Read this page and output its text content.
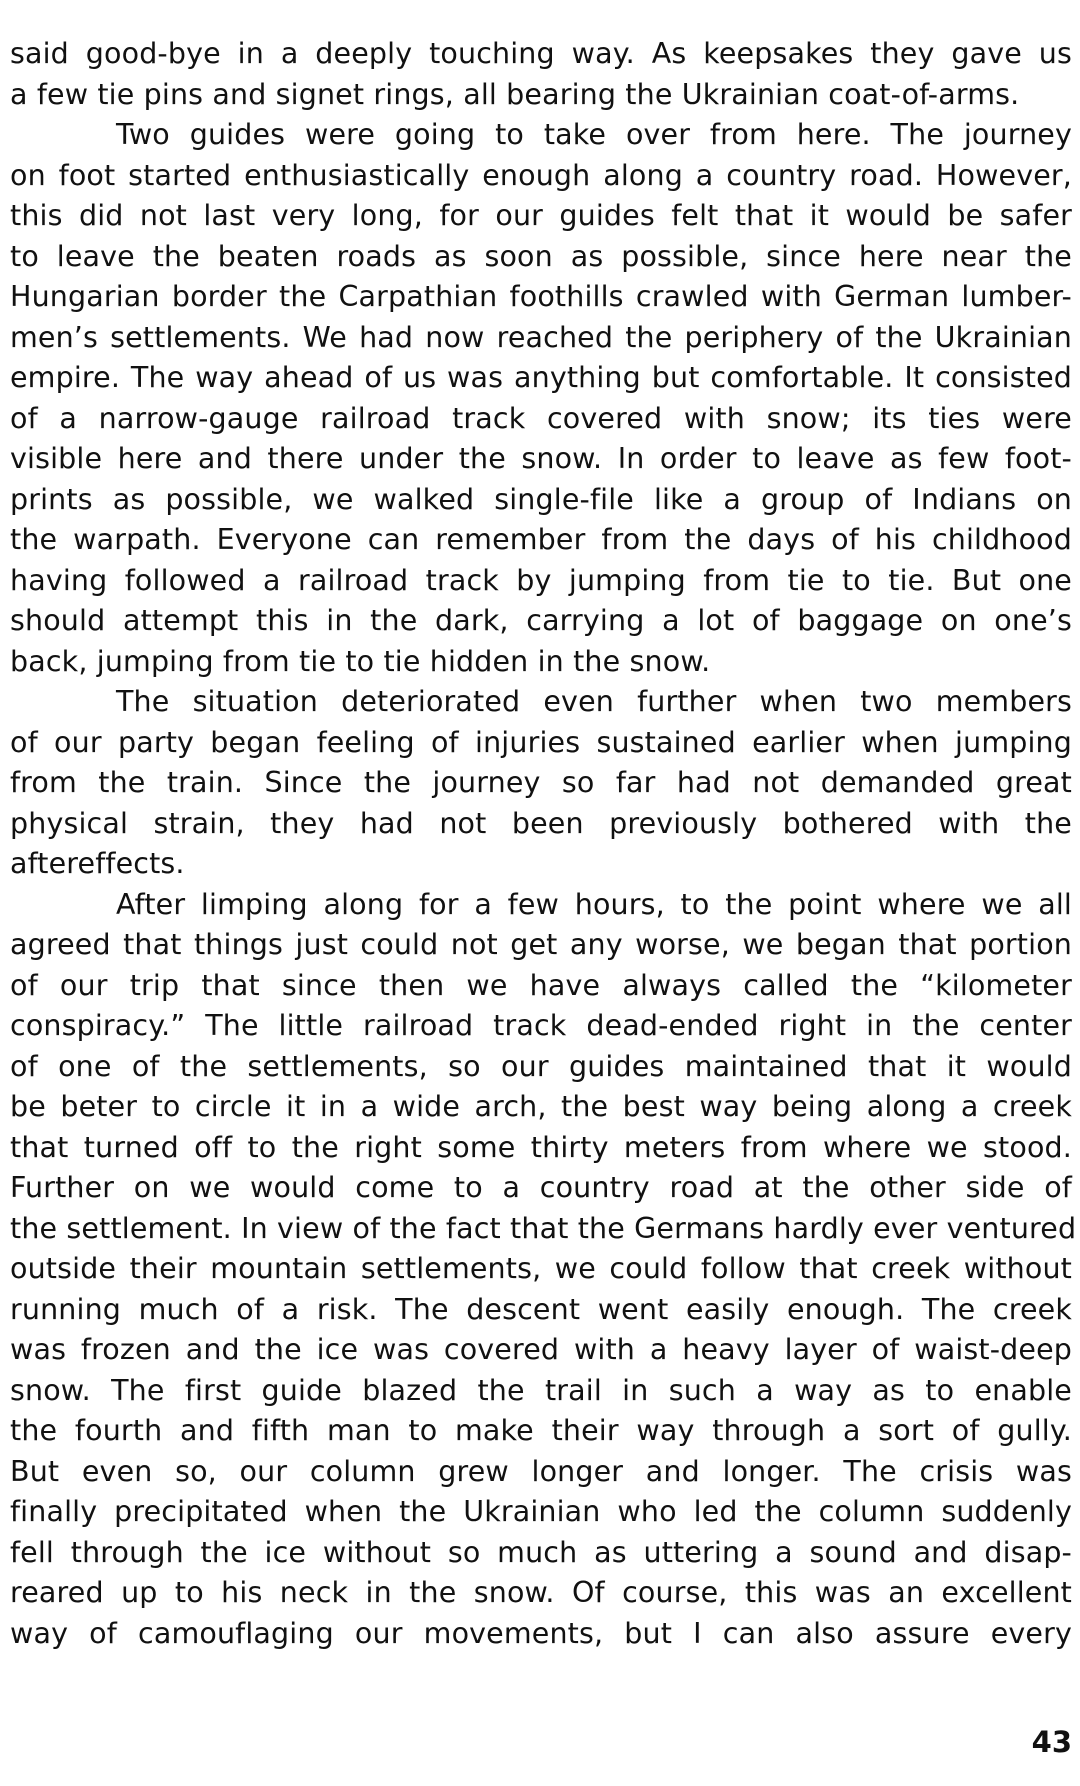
said good-bye in a deeply touching way. As keepsakes they gave us
a few tie pins and signet rings, all bearing the Ukrainian coat-of-arms.
Two guides were going to take over from here. The journey
on foot started enthusiastically enough along a country road. However,
this did not last very long, for our guides felt that it would be safer
to leave the beaten roads as soon as possible, since here near the
Hungarian border the Carpathian foothills crawled with German lumber-
men’s settlements. We had now reached the periphery of the Ukrainian
empire. The way ahead of us was anything but comfortable. It consisted
of a narrow-gauge railroad track covered with snow; its ties were
visible here and there under the snow. In order to leave as few foot-
prints as possible, we walked single-file like a group of Indians on
the warpath. Everyone can remember from the days of his childhood
having followed a railroad track by jumping from tie to tie. But one
should attempt this in the dark, carrying a lot of baggage on one’s
back, jumping from tie to tie hidden in the snow.
The situation deteriorated even further when two members
of our party began feeling of injuries sustained earlier when jumping
from the train. Since the journey so far had not demanded great
physical strain, they had not been previously bothered with the
aftereffects.
After limping along for a few hours, to the point where we all
agreed that things just could not get any worse, we began that portion
of our trip that since then we have always called the “kilometer
conspiracy.” The little railroad track dead-ended right in the center
of one of the settlements, so our guides maintained that it would
be beter to circle it in a wide arch, the best way being along a creek
that turned off to the right some thirty meters from where we stood.
Further on we would come to a country road at the other side of
the settlement. In view of the fact that the Germans hardly ever ventured
outside their mountain settlements, we could follow that creek without
running much of a risk. The descent went easily enough. The creek
was frozen and the ice was covered with a heavy layer of waist-deep
snow. The first guide blazed the trail in such a way as to enable
the fourth and fifth man to make their way through a sort of gully.
But even so, our column grew longer and longer. The crisis was
finally precipitated when the Ukrainian who led the column suddenly
fell through the ice without so much as uttering a sound and disap-
reared up to his neck in the snow. Of course, this was an excellent
way of camouflaging our movements, but I can also assure every
43
